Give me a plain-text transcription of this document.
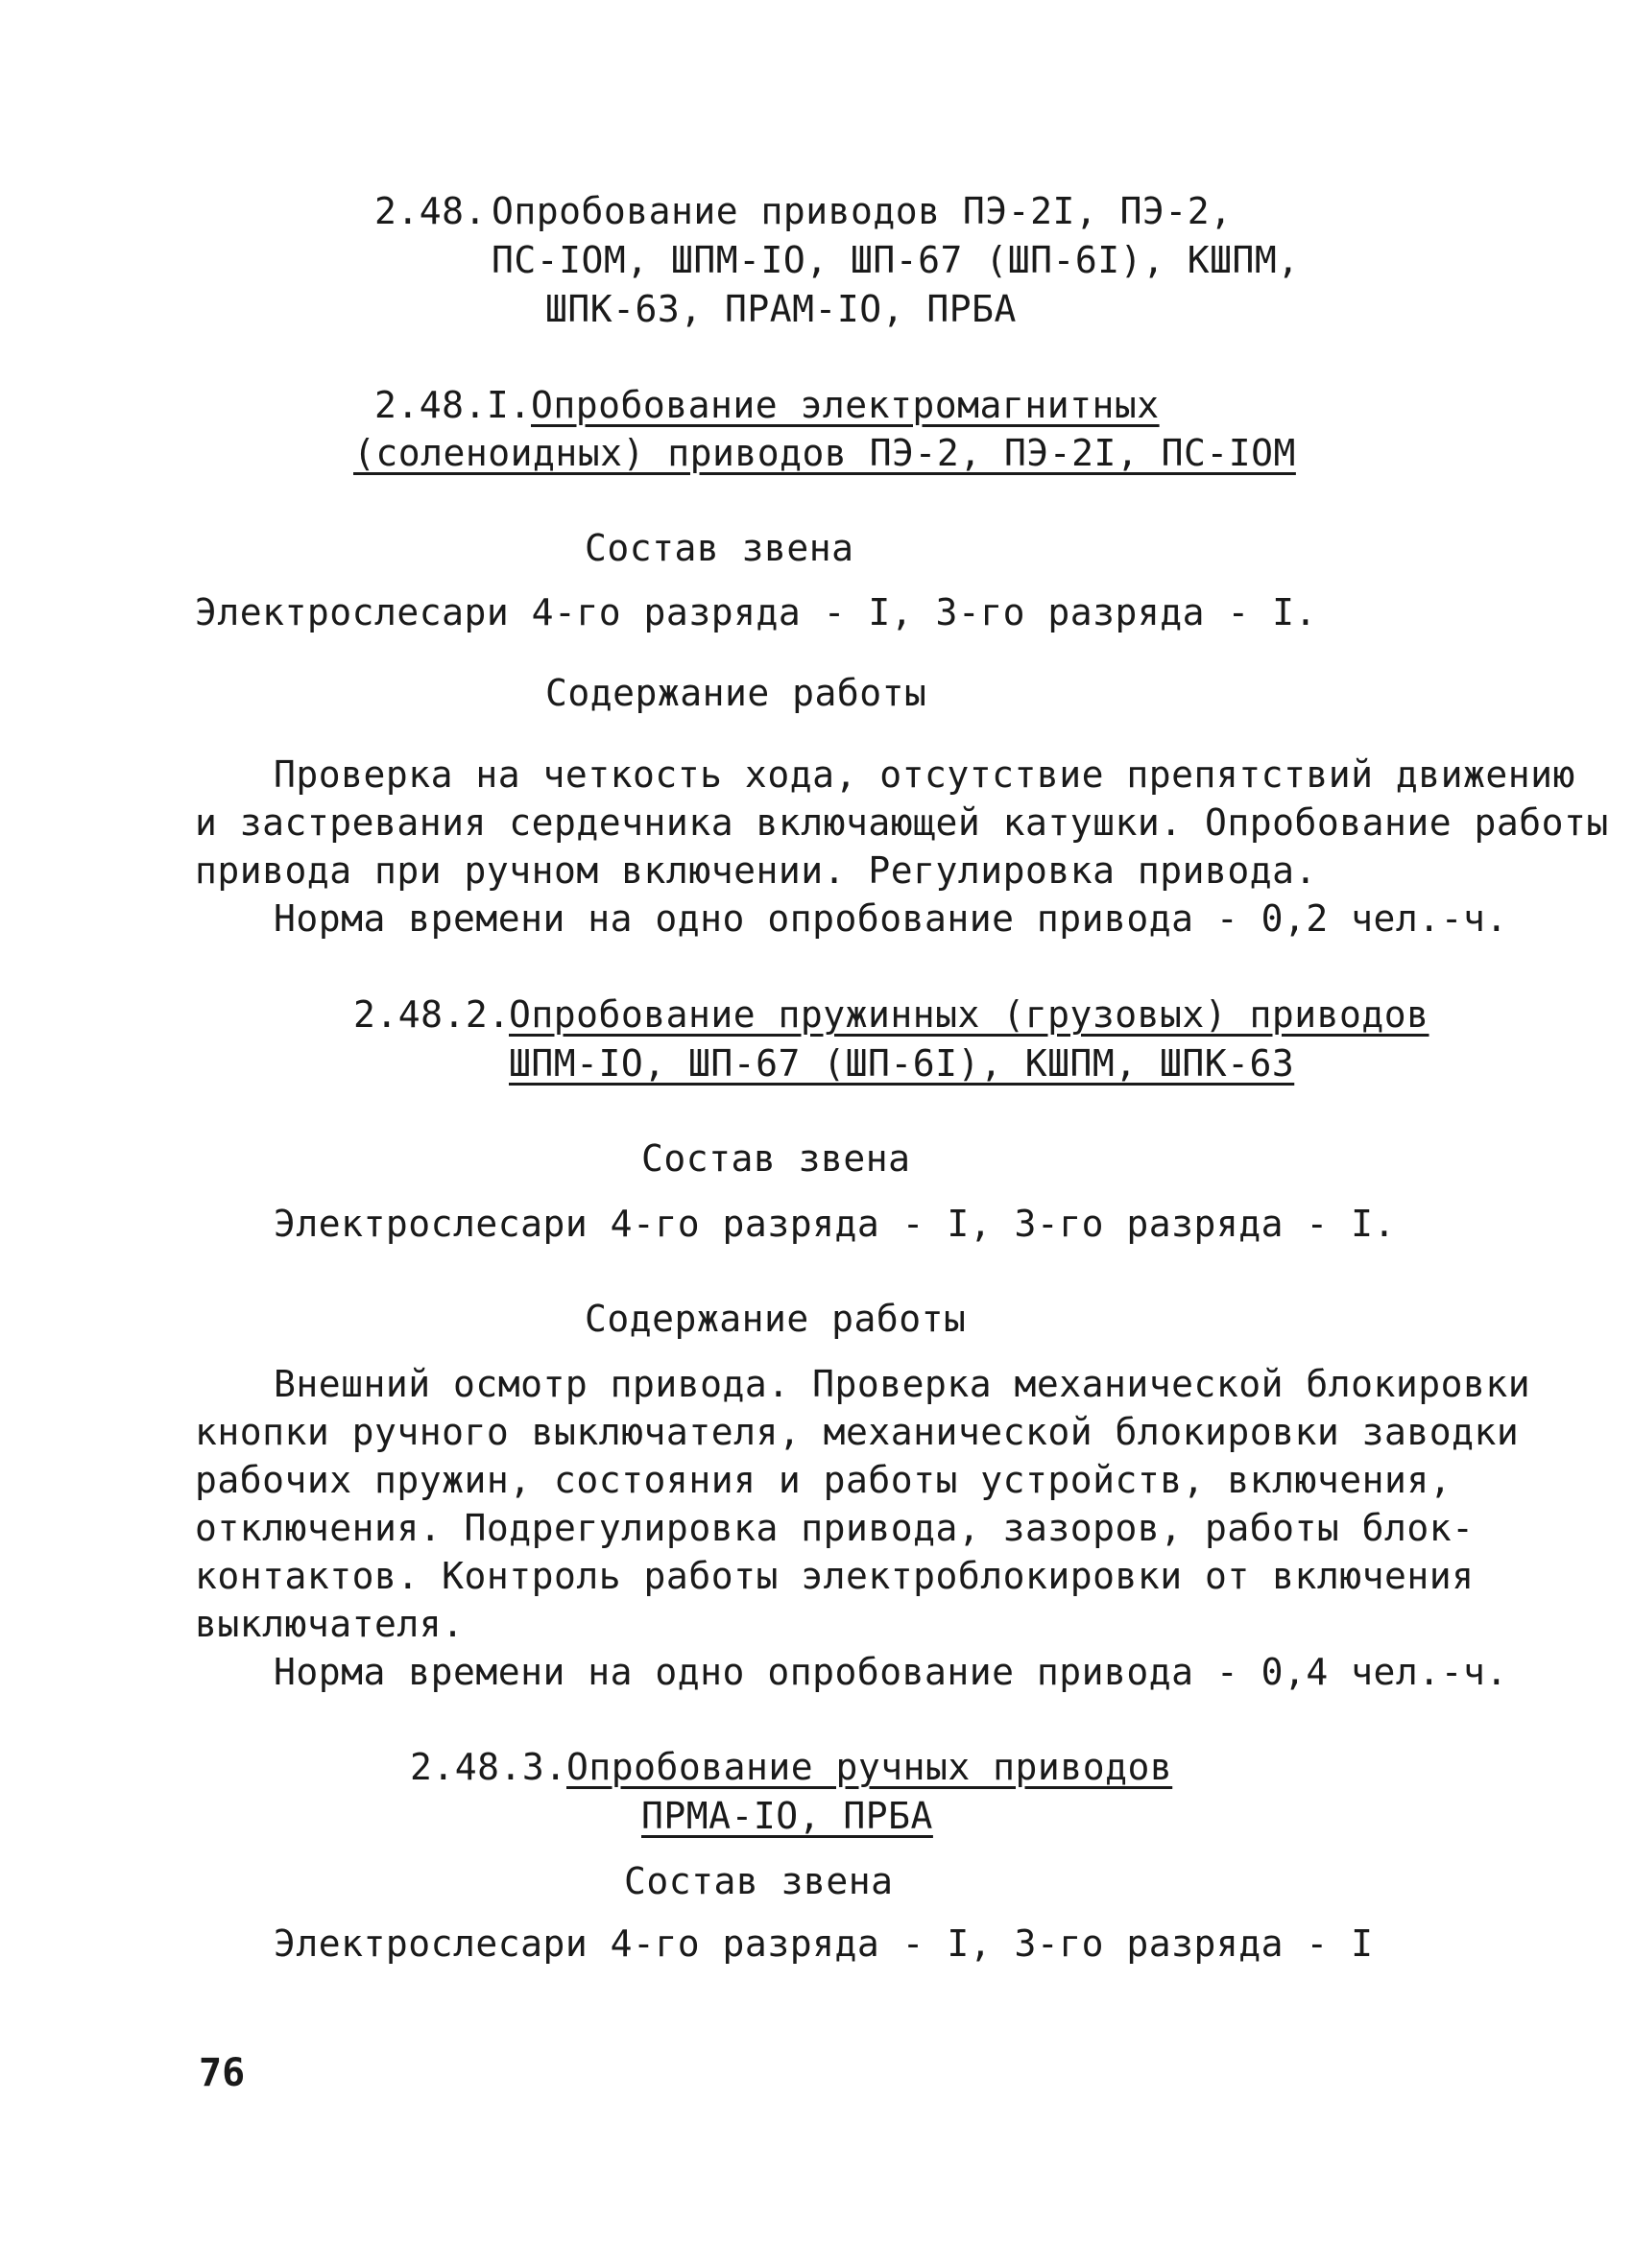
2.48. Опробование приводов ПЭ-2I, ПЭ-2,
ПС-IOM, ШПМ-IO, ШП-67 (ШП-6I), КШПМ,
ШПК-63, ПРАМ-IO, ПРБА
2.48.I. Опробование электромагнитных
(соленоидных) приводов ПЭ-2, ПЭ-2I, ПС-IOM
Состав звена
Электрослесари 4-го разряда - I, 3-го разряда - I.
Содержание работы
Проверка на четкость хода, отсутствие препятствий движению
и застревания сердечника включающей катушки. Опробование работы
привода при ручном включении. Регулировка привода.
Норма времени на одно опробование привода - 0,2 чел.-ч.
2.48.2.
Опробование пружинных (грузовых) приводов
ШПМ-IO, ШП-67 (ШП-6I), КШПМ, ШПК-63
Состав звена
Электрослесари 4-го разряда - I, 3-го разряда - I.
Содержание работы
Внешний осмотр привода. Проверка механической блокировки
кнопки ручного выключателя, механической блокировки заводки
рабочих пружин, состояния и работы устройств, включения,
отключения. Подрегулировка привода, зазоров, работы блок-
контактов. Контроль работы электроблокировки от включения
выключателя.
Норма времени на одно опробование привода - 0,4 чел.-ч.
2.48.3. Опробование ручных приводов
ПРМА-IO, ПРБА
Состав звена
Электрослесари 4-го разряда - I, 3-го разряда - I
76
